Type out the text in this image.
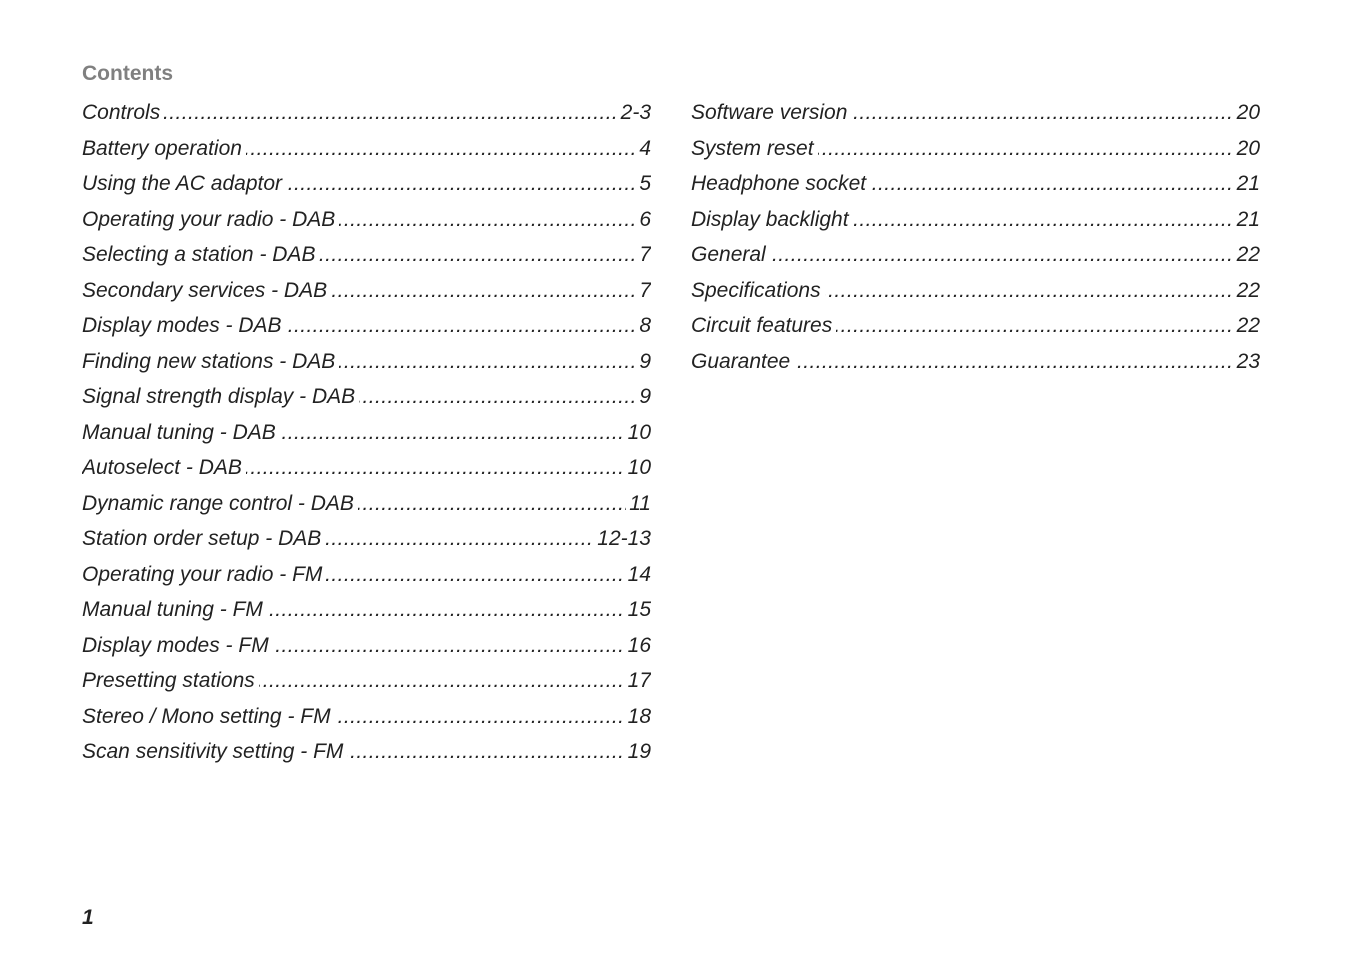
Contents
..... Controls	2-3
..... Battery operation	4
..... Using the AC adaptor	5
..... Operating your radio - DAB	6
..... Selecting a station - DAB	7
..... Secondary services - DAB	7
..... Display modes - DAB	8
..... Finding new stations - DAB	9
..... Signal strength display - DAB	9
..... Manual tuning - DAB	10
..... Autoselect - DAB	10
..... Dynamic range control - DAB	11
..... Station order setup - DAB	12-13
..... Operating your radio - FM	14
..... Manual tuning - FM	15
..... Display modes - FM	16
..... Presetting stations	17
..... Stereo / Mono setting - FM	18
..... Scan sensitivity setting - FM	19
..... Software version	20
..... System reset	20
..... Headphone socket	21
..... Display backlight	21
..... General	22
..... Specifications	22
..... Circuit features	22
..... Guarantee	23
1
